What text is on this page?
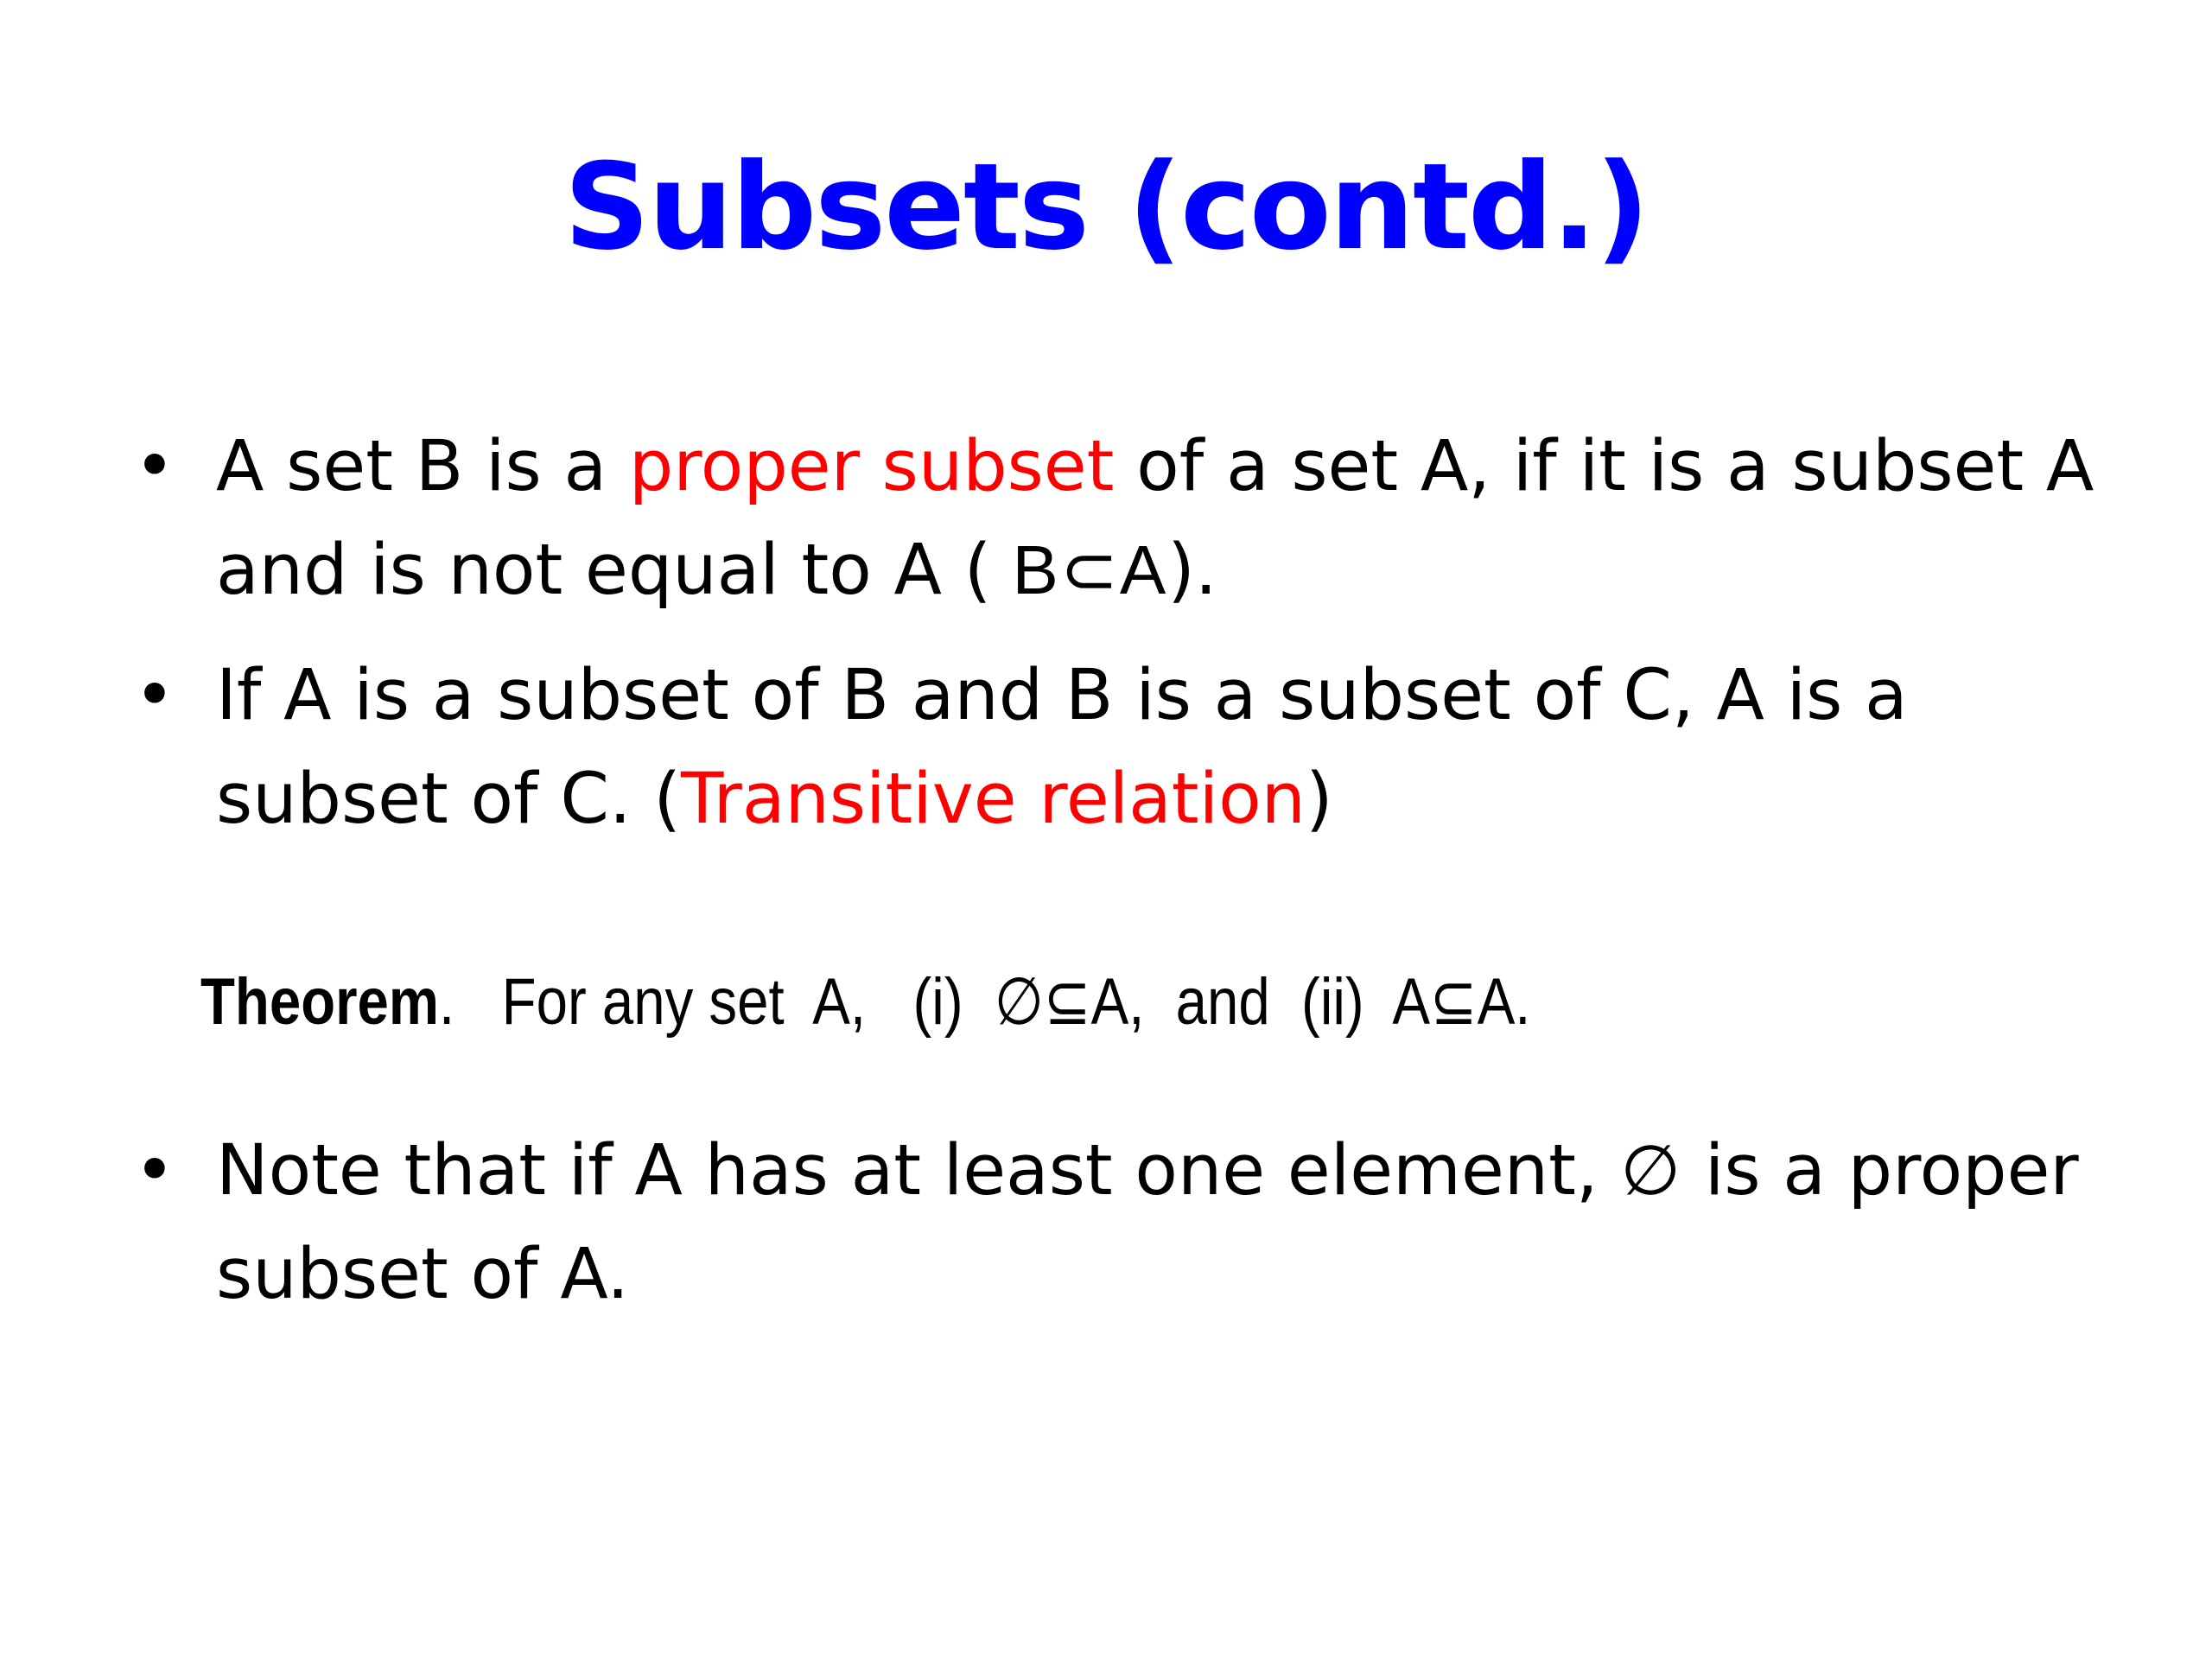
Subsets (contd.)
• A set B is a proper subset of a set A, if it is a subset A and is not equal to A ( B⊂A).
• If A is a subset of B and B is a subset of C, A is a subset of C. (Transitive relation)
Theorem.   For any set  A,   (i)  ∅⊆A,  and  (ii)  A⊆A.
• Note that if A has at least one element, ∅ is a proper subset of A.
